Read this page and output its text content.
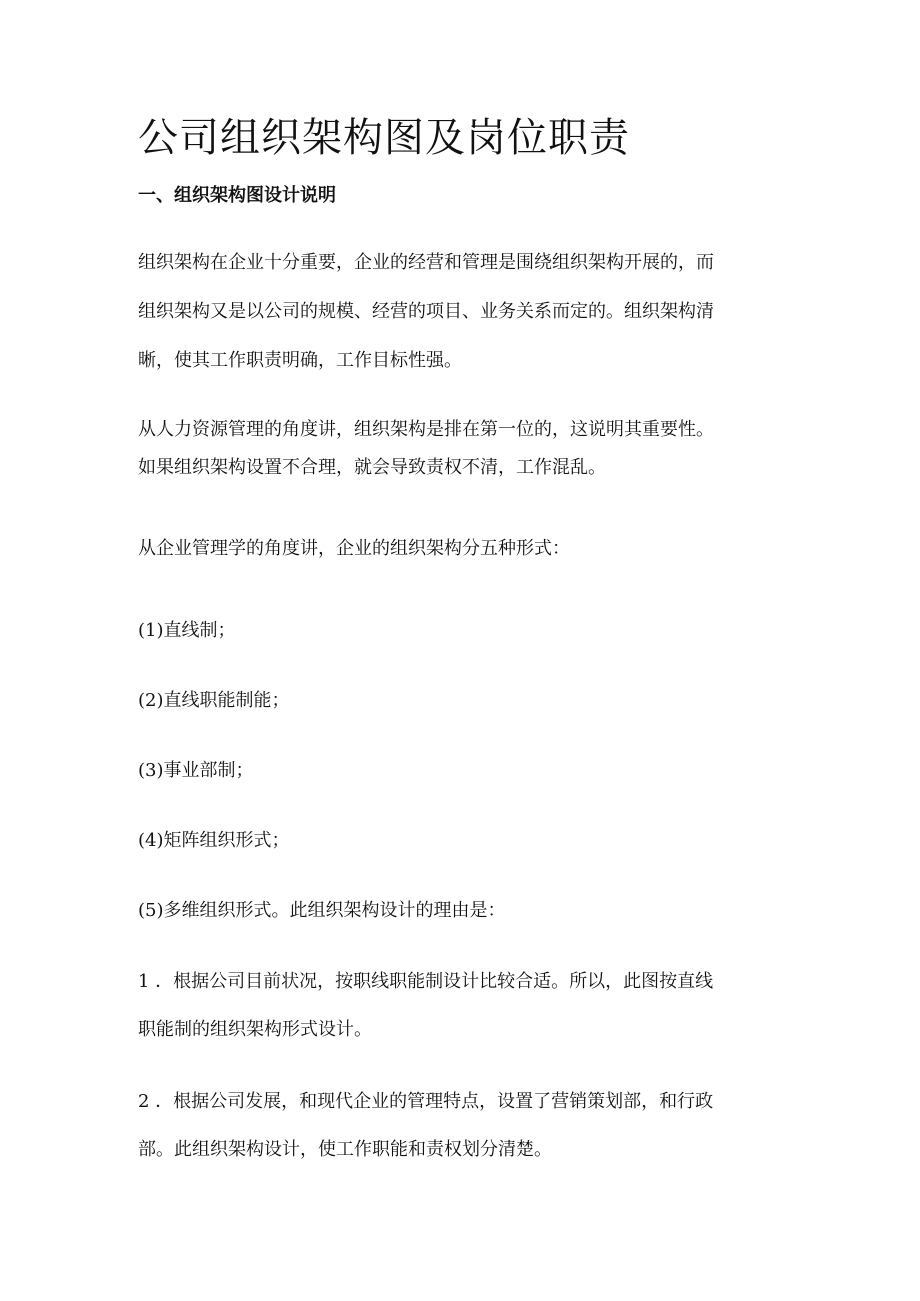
公司组织架构图及岗位职责
一、组织架构图设计说明

组织架构在企业十分重要，企业的经营和管理是围绕组织架构开展的，而
组织架构又是以公司的规模、经营的项目、业务关系而定的。组织架构清
晰，使其工作职责明确，工作目标性强。

从人力资源管理的角度讲，组织架构是排在第一位的，这说明其重要性。
如果组织架构设置不合理，就会导致责权不清，工作混乱。

从企业管理学的角度讲，企业的组织架构分五种形式：

(1)直线制；

(2)直线职能制能；

(3)事业部制；

(4)矩阵组织形式；

(5)多维组织形式。此组织架构设计的理由是：

1 ．根据公司目前状况，按职线职能制设计比较合适。所以，此图按直线
职能制的组织架构形式设计。

2 ．根据公司发展，和现代企业的管理特点，设置了营销策划部，和行政
部。此组织架构设计，使工作职能和责权划分清楚。
